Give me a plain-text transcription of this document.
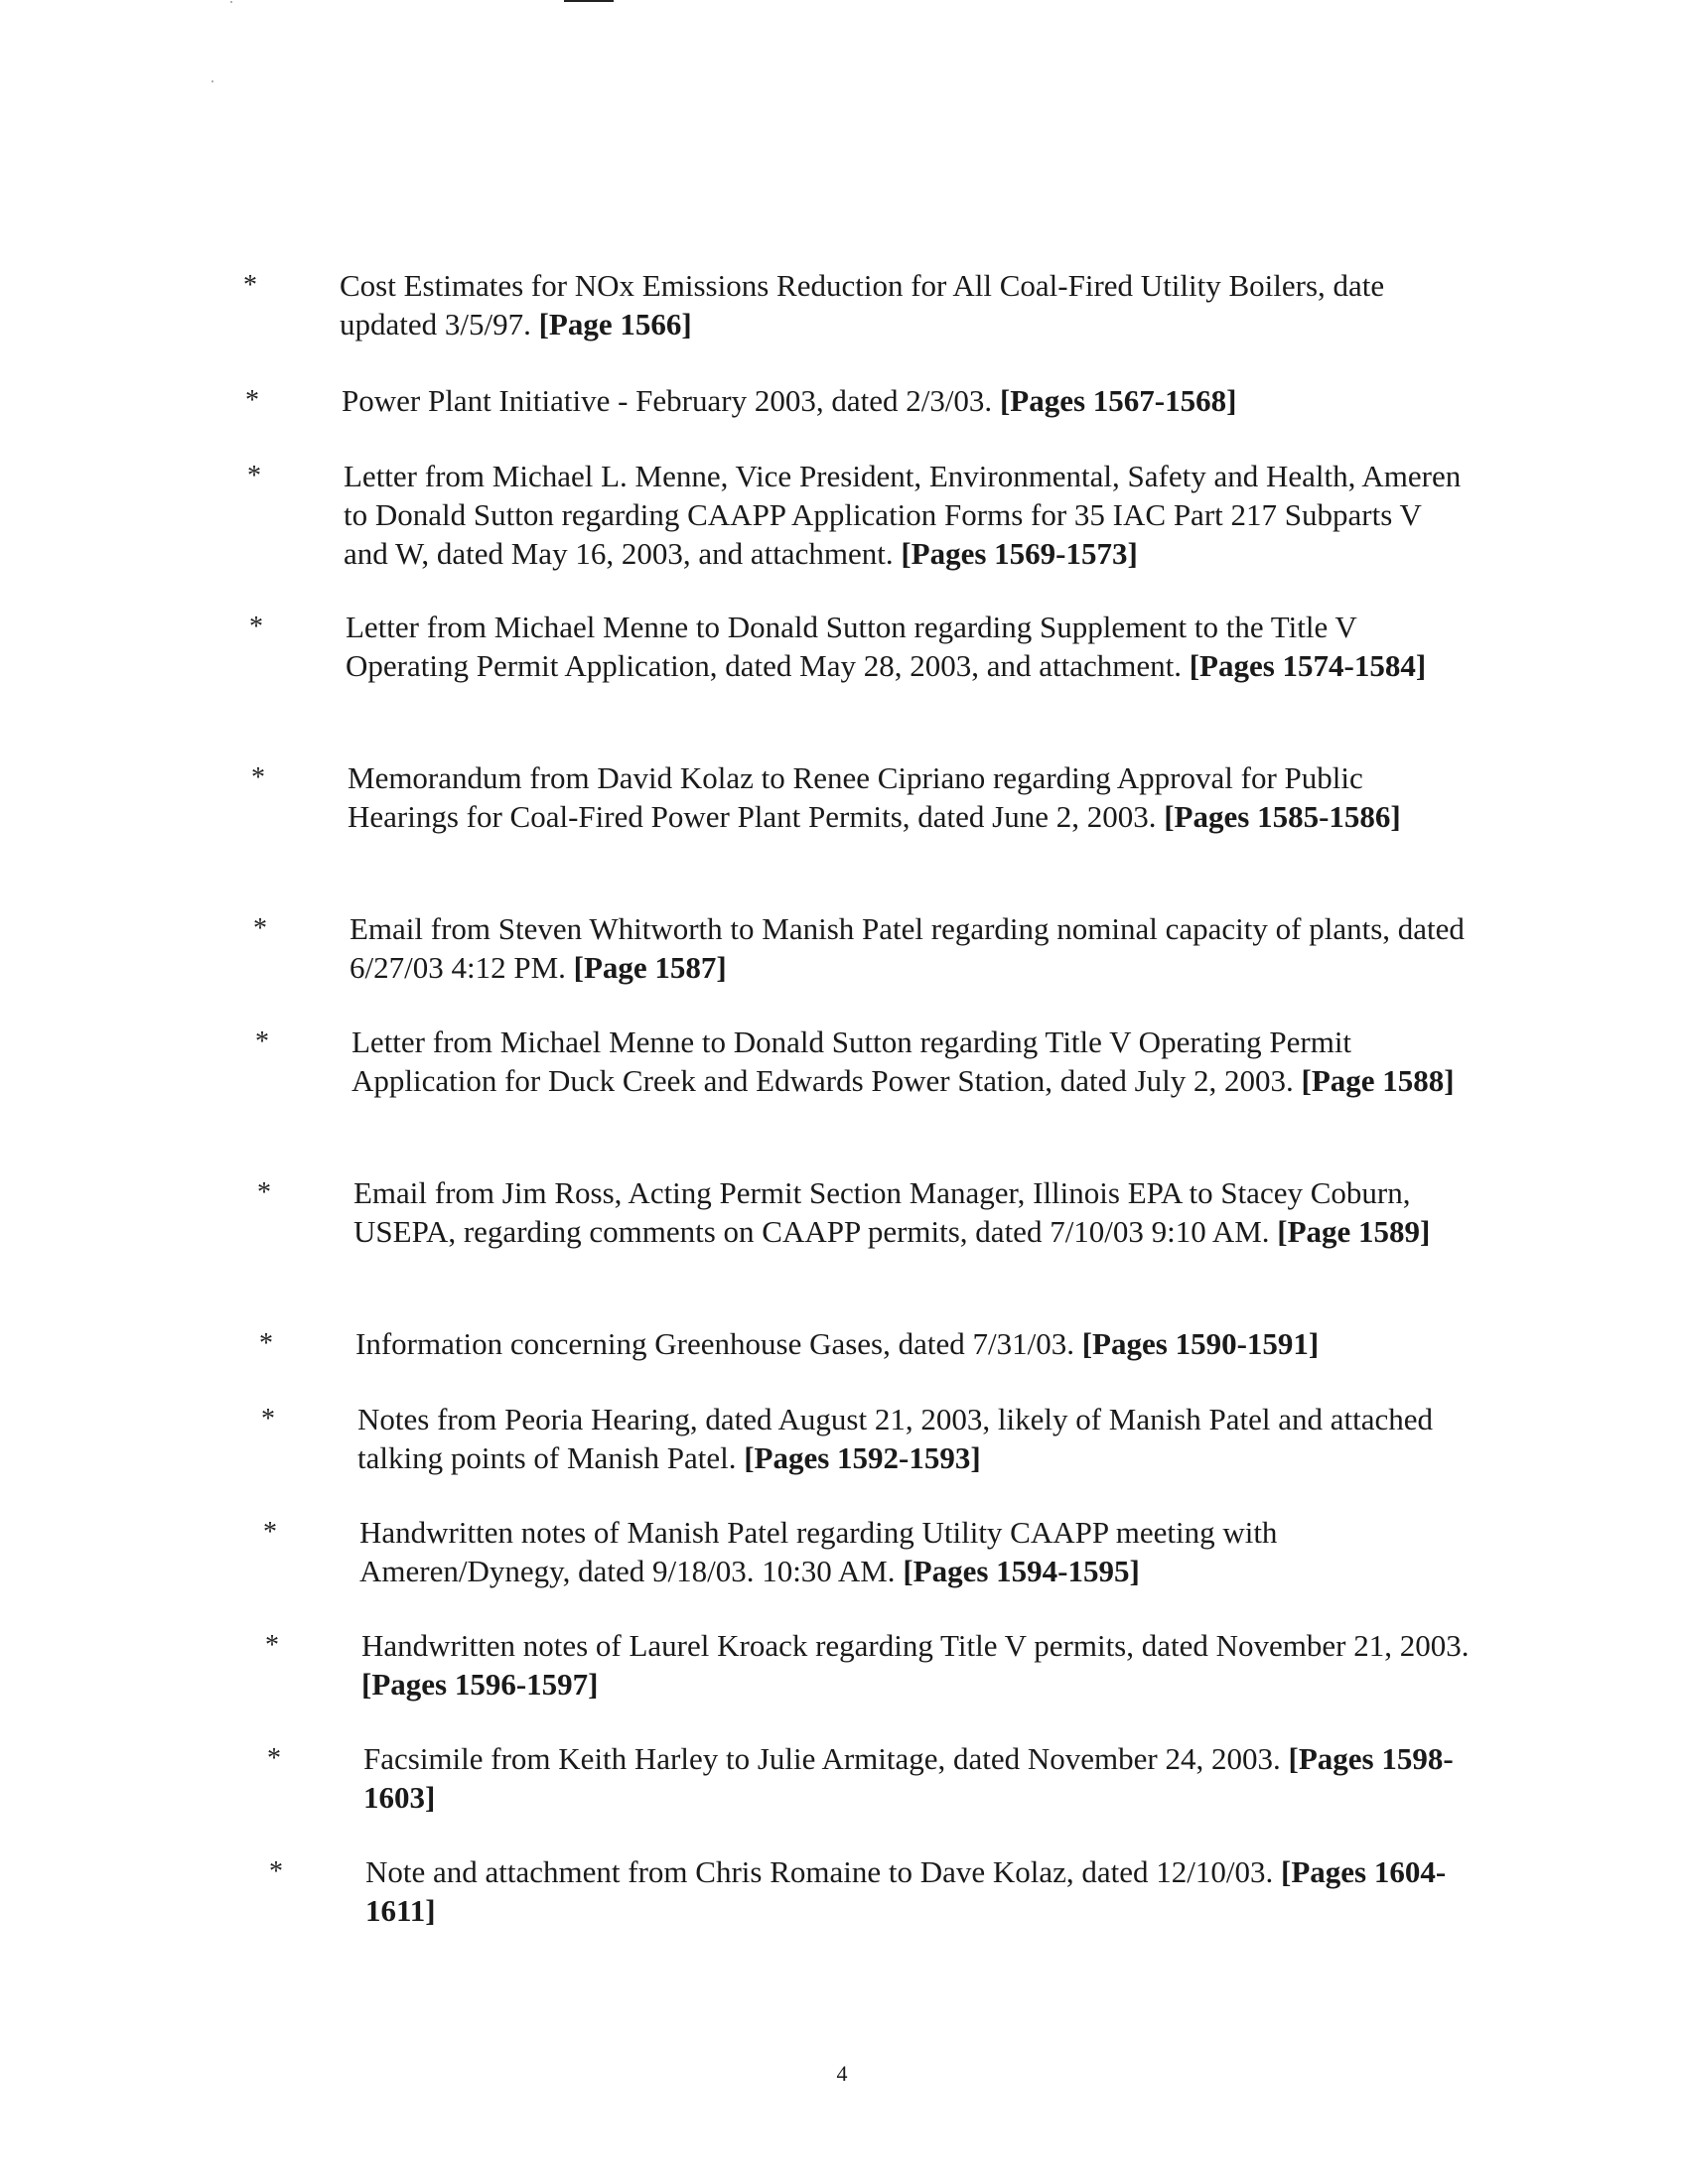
*	Cost Estimates for NOx Emissions Reduction for All Coal-Fired Utility Boilers, date updated 3/5/97. [Page 1566]
*	Power Plant Initiative - February 2003, dated 2/3/03. [Pages 1567-1568]
*	Letter from Michael L. Menne, Vice President, Environmental, Safety and Health, Ameren to Donald Sutton regarding CAAPP Application Forms for 35 IAC Part 217 Subparts V and W, dated May 16, 2003, and attachment. [Pages 1569-1573]
*	Letter from Michael Menne to Donald Sutton regarding Supplement to the Title V Operating Permit Application, dated May 28, 2003, and attachment. [Pages 1574-1584]
*	Memorandum from David Kolaz to Renee Cipriano regarding Approval for Public Hearings for Coal-Fired Power Plant Permits, dated June 2, 2003. [Pages 1585-1586]
*	Email from Steven Whitworth to Manish Patel regarding nominal capacity of plants, dated 6/27/03 4:12 PM. [Page 1587]
*	Letter from Michael Menne to Donald Sutton regarding Title V Operating Permit Application for Duck Creek and Edwards Power Station, dated July 2, 2003. [Page 1588]
*	Email from Jim Ross, Acting Permit Section Manager, Illinois EPA to Stacey Coburn, USEPA, regarding comments on CAAPP permits, dated 7/10/03 9:10 AM. [Page 1589]
*	Information concerning Greenhouse Gases, dated 7/31/03. [Pages 1590-1591]
*	Notes from Peoria Hearing, dated August 21, 2003, likely of Manish Patel and attached talking points of Manish Patel. [Pages 1592-1593]
*	Handwritten notes of Manish Patel regarding Utility CAAPP meeting with Ameren/Dynegy, dated 9/18/03. 10:30 AM. [Pages 1594-1595]
*	Handwritten notes of Laurel Kroack regarding Title V permits, dated November 21, 2003. [Pages 1596-1597]
*	Facsimile from Keith Harley to Julie Armitage, dated November 24, 2003. [Pages 1598-1603]
*	Note and attachment from Chris Romaine to Dave Kolaz, dated 12/10/03. [Pages 1604-1611]
4
